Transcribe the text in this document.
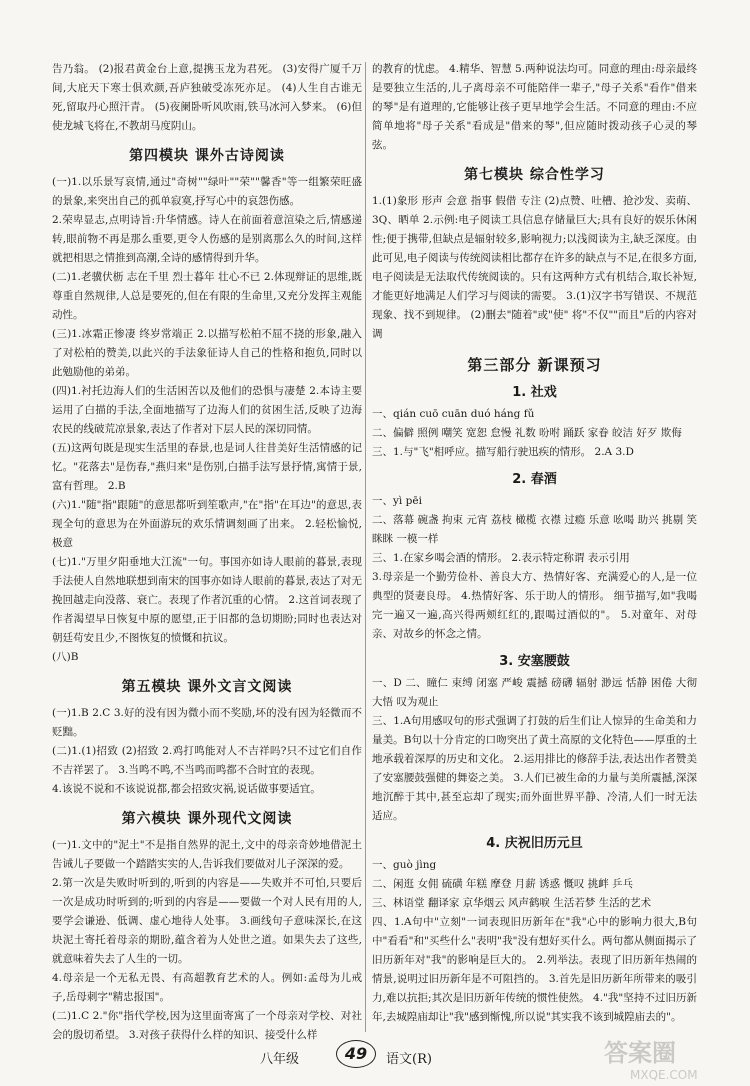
告乃翁。 (2)报君黄金台上意,提携玉龙为君死。 (3)安得广厦千万间,大庇天下寒士俱欢颜,吾庐独破受冻死亦足。 (4)人生自古谁无死,留取丹心照汗青。 (5)夜阑卧听风吹雨,铁马冰河入梦来。 (6)但使龙城飞将在,不教胡马度阴山。

第四模块 课外古诗阅读

(一)1.以乐景写哀情,通过"奇树""绿叶""荣""馨香"等一组繁荣旺盛的景象,来突出自己的孤单寂寞,抒写心中的哀怨伤感。

2.荣卑显志,点明诗旨:升华情感。诗人在前面着意渲染之后,情感递转,眼前物不再是那么重要,更令人伤感的是别离那么久的时间,这样就把相思之情推到高潮,全诗的感情得到升华。

(二)1.老骥伏枥 志在千里 烈士暮年 壮心不已 2.体现辩证的思维,既尊重自然规律,人总是要死的,但在有限的生命里,又充分发挥主观能动性。

(三)1.冰霜正惨凄 终岁常端正 2.以描写松柏不屈不挠的形象,融入了对松柏的赞美,以此兴的手法象征诗人自己的性格和抱负,同时以此勉励他的弟弟。

(四)1.衬托边海人们的生活困苦以及他们的恐惧与凄楚 2.本诗主要运用了白描的手法,全面地描写了边海人们的贫困生活,反映了边海农民的线破荒凉景象,表达了作者对下层人民的深切同情。

(五)这两句既是现实生活里的春景,也是词人往昔美好生活情感的记忆。"花落去"是伤春,"燕归来"是伤别,白描手法写景抒情,寓情于景,富有哲理。 2.B

(六)1."随"指"跟随"的意思都听到笙歌声,"在"指"在耳边"的意思,表现全句的意思为在外面游玩的欢乐情调刻画了出来。 2.轻松愉悦,极意

(七)1."万里夕阳垂地大江流"一句。事国亦如诗人眼前的暮景,表现手法使人自然地联想到南宋的国事亦如诗人眼前的暮景,表达了对无挽回越走向没落、衰亡。表现了作者沉重的心情。 2.这首词表现了作者渴望早日恢复中原的愿望,正于旧都的急切期盼;同时也表达对朝廷苟安且少,不图恢复的愤慨和抗议。

(八)B

第五模块 课外文言文阅读

(一)1.B 2.C 3.好的没有因为微小而不奖励,坏的没有因为轻微而不贬黜。

(二)1.(1)招致 (2)招致 2.鸡打鸣能对人不吉祥吗?只不过它们自作不吉祥罢了。 3.当鸣不鸣,不当鸣而鸣都不合时宜的表现。

4.该说不说和不该说说都,都会招致灾祸,说话做事要适宜。

第六模块 课外现代文阅读

(一)1.文中的"泥土"不是指自然界的泥土,文中的母亲奇妙地借泥土告诫儿子要做一个踏踏实实的人,告诉我们要做对儿子深深的爱。

2.第一次是失败时听到的,听到的内容是——失败并不可怕,只要后一次是成功时听到的;听到的内容是——要做一个对人民有用的人,要学会谦逊、低调、虚心地待人处事。 3.画线句子意味深长,在这块泥土寄托着母亲的期盼,蕴含着为人处世之道。如果失去了这些,就意味着失去了人生的一切。

4.母亲是一个无私无畏、有高超教育艺术的人。例如:孟母为儿戒子,岳母刺字"精忠报国"。

(二)1.C 2."你"指代学校,因为这里面寄寓了一个母亲对学校、对社会的殷切希望。 3.对孩子获得什么样的知识、接受什么样

的教育的忧虑。 4.精华、智慧 5.两种说法均可。同意的理由:母亲最终是要独立生活的,儿子离母亲不可能陪伴一辈子,"母子关系"看作"借来的琴"是有道理的,它能够让孩子更早地学会生活。不同意的理由:不应简单地将"母子关系"看成是"借来的琴",但应随时拨动孩子心灵的琴弦。

第七模块 综合性学习

1.(1)象形 形声 会意 指事 假借 专注 (2)点赞、吐槽、抢沙发、卖萌、3Q、晒单 2.示例:电子阅读工具信息存储量巨大;具有良好的娱乐休闲性;便于携带,但缺点是辐射较多,影响视力;以浅阅读为主,缺乏深度。由此可见,电子阅读与传统阅读相比都存在许多的缺点与不足,在很多方面,电子阅读是无法取代传统阅读的。只有这两种方式有机结合,取长补短,才能更好地满足人们学习与阅读的需要。 3.(1)汉字书写错误、不规范现象、找不到规律。 (2)删去"随着"或"使" 将"不仅""而且"后的内容对调

第三部分 新课预习
1. 社戏

一、qián cuō cuān duó háng fǔ

二、偏僻 照例 嘲笑 宽恕 怠慢 礼数 吩咐 踊跃 家眷 皎洁 好歹 欺侮

三、1.与"飞"相呼应。描写船行驶迅疾的情形。 2.A 3.D

2. 春酒

一、yì pēi

二、落幕 碗盏 拘束 元宵 荔枝 橄榄 衣襟 过瘾 乐意 吆喝 助兴 挑剔 笑眯眯 一模一样

三、1.在家乡喝会酒的情形。 2.表示特定称谓 表示引用

3.母亲是一个勤劳俭朴、善良大方、热情好客、充满爱心的人,是一位典型的贤妻良母。 4.热情好客、乐于助人的情形。 细节描写,如"我喝完一遍又一遍,高兴得两颊红红的,跟喝过酒似的"。 5.对童年、对母亲、对故乡的怀念之情。

3. 安塞腰鼓

一、D 二、瞳仁 束缚 闭塞 严峻 震撼 磅礴 辐射 渺远 恬静 困倦 大彻大悟 叹为观止

三、1.A句用感叹句的形式强调了打鼓的后生们让人惊异的生命美和力量美。B句以十分肯定的口吻突出了黄土高原的文化特色——厚重的土地承载着深厚的历史和文化。 2.运用排比的修辞手法,表达出作者赞美了安塞腰鼓强健的舞姿之美。 3.人们已被生命的力量与美所震撼,深深地沉醉于其中,甚至忘却了现实;而外面世界平静、冷清,人们一时无法适应。

4. 庆祝旧历元旦

一、guò jìng

二、闲逛 女佣 硫磺 年糕 摩登 月薪 诱惑 慨叹 挑衅 乒乓

三、林语堂 翻译家 京华烟云 风声鹤唳 生活若梦 生活的艺术

四、1.A句中"立刻"一词表现旧历新年在"我"心中的影响力很大,B句中"看看"和"买些什么"表明"我"没有想好买什么。两句都从侧面揭示了旧历新年对"我"的影响是巨大的。 2.列举法。表现了旧历新年热闹的情景,说明过旧历新年是不可阻挡的。 3.首先是旧历新年所带来的吸引力,难以抗拒;其次是旧历新年传统的惯性使然。 4."我"坚持不过旧历新年,去城隍庙却让"我"感到惭愧,所以说"其实我不该到城隍庙去的"。

八年级	49	语文(R)	答案圈
MXQE.COM
